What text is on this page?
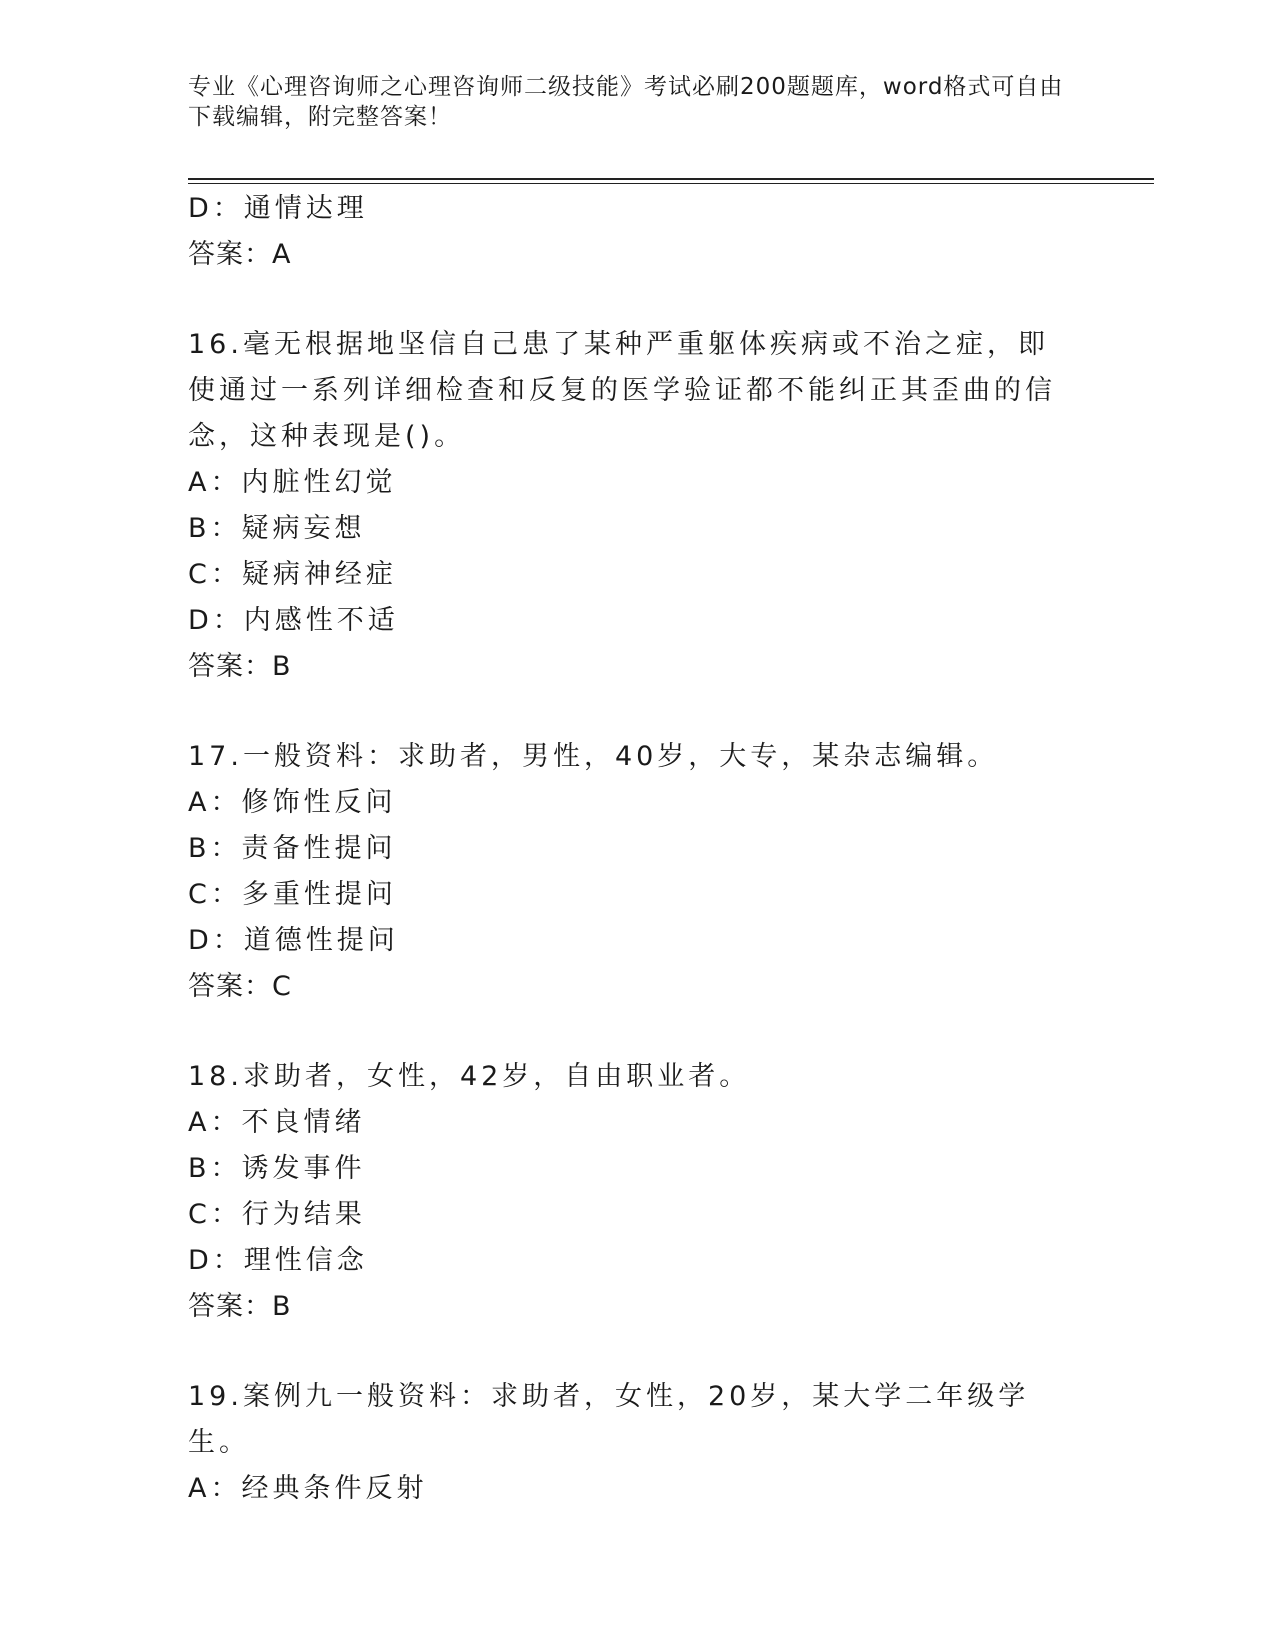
专业《心理咨询师之心理咨询师二级技能》考试必刷200题题库，word格式可自由下载编辑，附完整答案！
D：通情达理
答案：A
16.毫无根据地坚信自己患了某种严重躯体疾病或不治之症，即使通过一系列详细检查和反复的医学验证都不能纠正其歪曲的信念，这种表现是()。
A：内脏性幻觉
B：疑病妄想
C：疑病神经症
D：内感性不适
答案：B
17.一般资料：求助者，男性，40岁，大专，某杂志编辑。
A：修饰性反问
B：责备性提问
C：多重性提问
D：道德性提问
答案：C
18.求助者，女性，42岁，自由职业者。
A：不良情绪
B：诱发事件
C：行为结果
D：理性信念
答案：B
19.案例九一般资料：求助者，女性，20岁，某大学二年级学生。
A：经典条件反射
